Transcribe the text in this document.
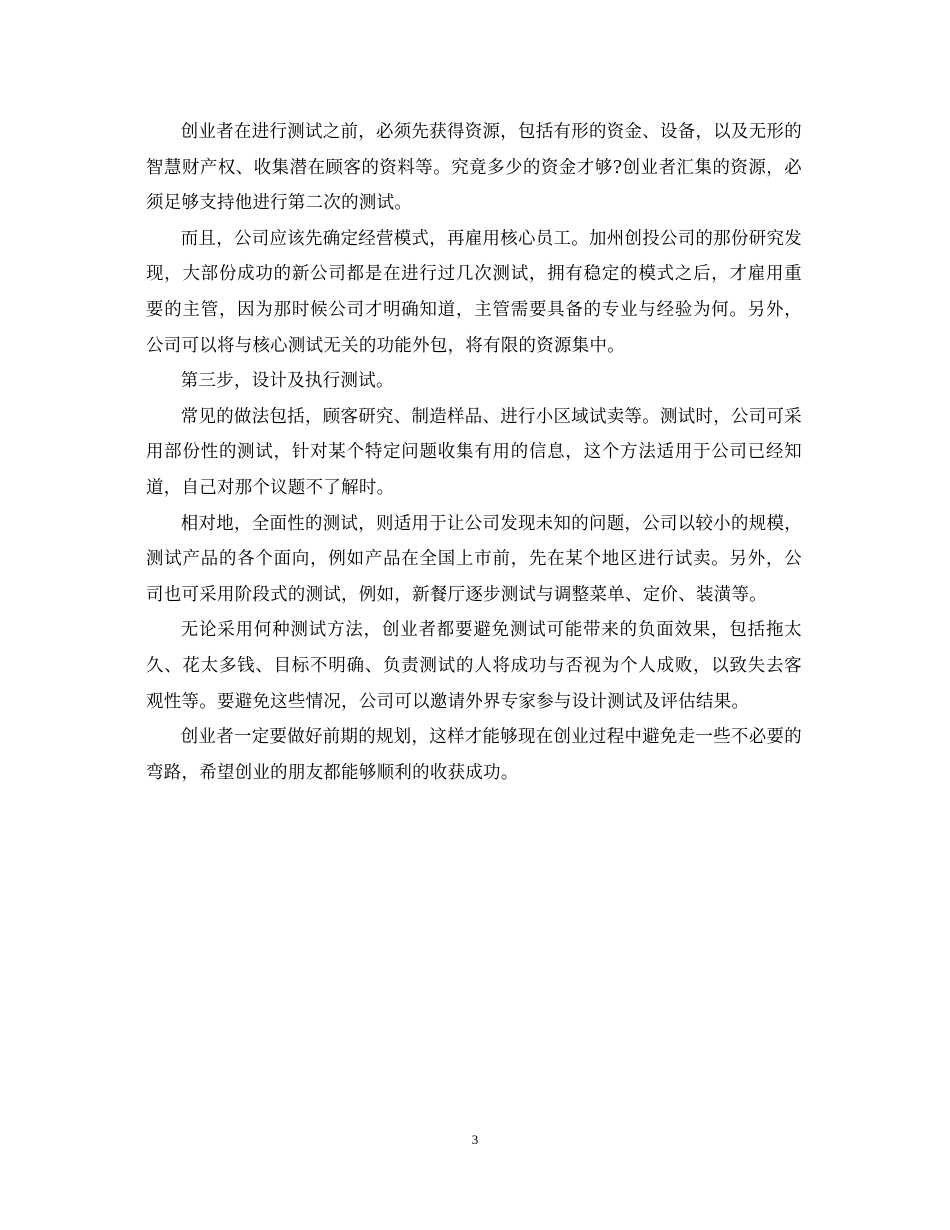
创业者在进行测试之前，必须先获得资源，包括有形的资金、设备，以及无形的智慧财产权、收集潜在顾客的资料等。究竟多少的资金才够?创业者汇集的资源，必须足够支持他进行第二次的测试。

而且，公司应该先确定经营模式，再雇用核心员工。加州创投公司的那份研究发现，大部份成功的新公司都是在进行过几次测试，拥有稳定的模式之后，才雇用重要的主管，因为那时候公司才明确知道，主管需要具备的专业与经验为何。另外，公司可以将与核心测试无关的功能外包，将有限的资源集中。

第三步，设计及执行测试。

常见的做法包括，顾客研究、制造样品、进行小区域试卖等。测试时，公司可采用部份性的测试，针对某个特定问题收集有用的信息，这个方法适用于公司已经知道，自己对那个议题不了解时。

相对地，全面性的测试，则适用于让公司发现未知的问题，公司以较小的规模，测试产品的各个面向，例如产品在全国上市前，先在某个地区进行试卖。另外，公司也可采用阶段式的测试，例如，新餐厅逐步测试与调整菜单、定价、装潢等。

无论采用何种测试方法，创业者都要避免测试可能带来的负面效果，包括拖太久、花太多钱、目标不明确、负责测试的人将成功与否视为个人成败，以致失去客观性等。要避免这些情况，公司可以邀请外界专家参与设计测试及评估结果。

创业者一定要做好前期的规划，这样才能够现在创业过程中避免走一些不必要的弯路，希望创业的朋友都能够顺利的收获成功。

3
